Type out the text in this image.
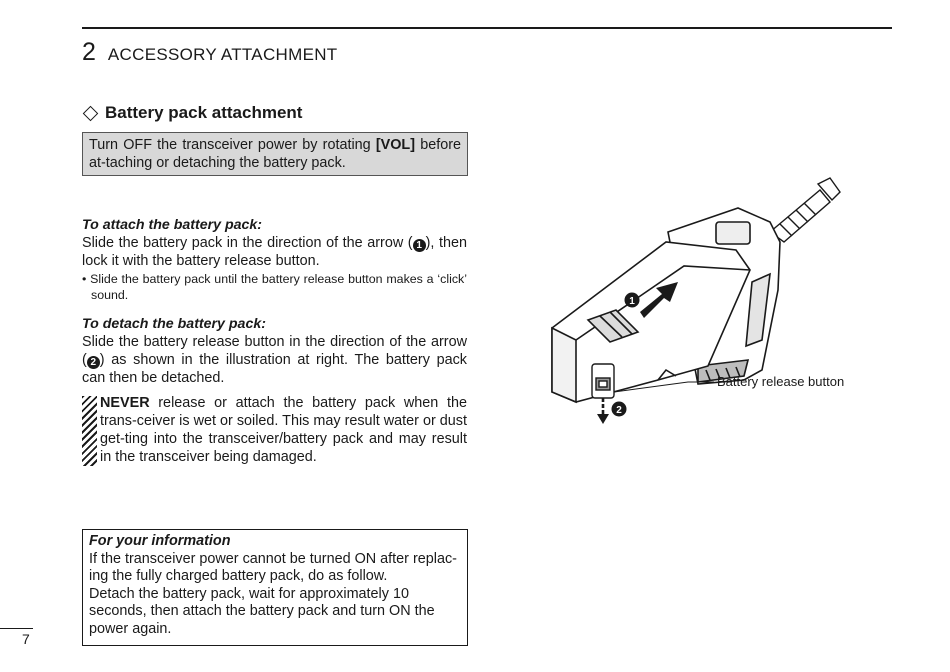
2 ACCESSORY ATTACHMENT
Battery pack attachment
Turn OFF the transceiver power by rotating [VOL] before at-taching or detaching the battery pack.
To attach the battery pack:
Slide the battery pack in the direction of the arrow ( 1 ), then lock it with the battery release button.
• Slide the battery pack until the battery release button makes a ‘click’ sound.
To detach the battery pack:
Slide the battery release button in the direction of the arrow ( 2 ) as shown in the illustration at right. The battery pack can then be detached.
NEVER release or attach the battery pack when the trans-ceiver is wet or soiled. This may result water or dust get-ting into the transceiver/battery pack and may result in the transceiver being damaged.
For your information
If the transceiver power cannot be turned ON after replac-ing the fully charged battery pack, do as follow.
Detach the battery pack, wait for approximately 10 seconds, then attach the battery pack and turn ON the power again.
1
2
Battery release button
7
